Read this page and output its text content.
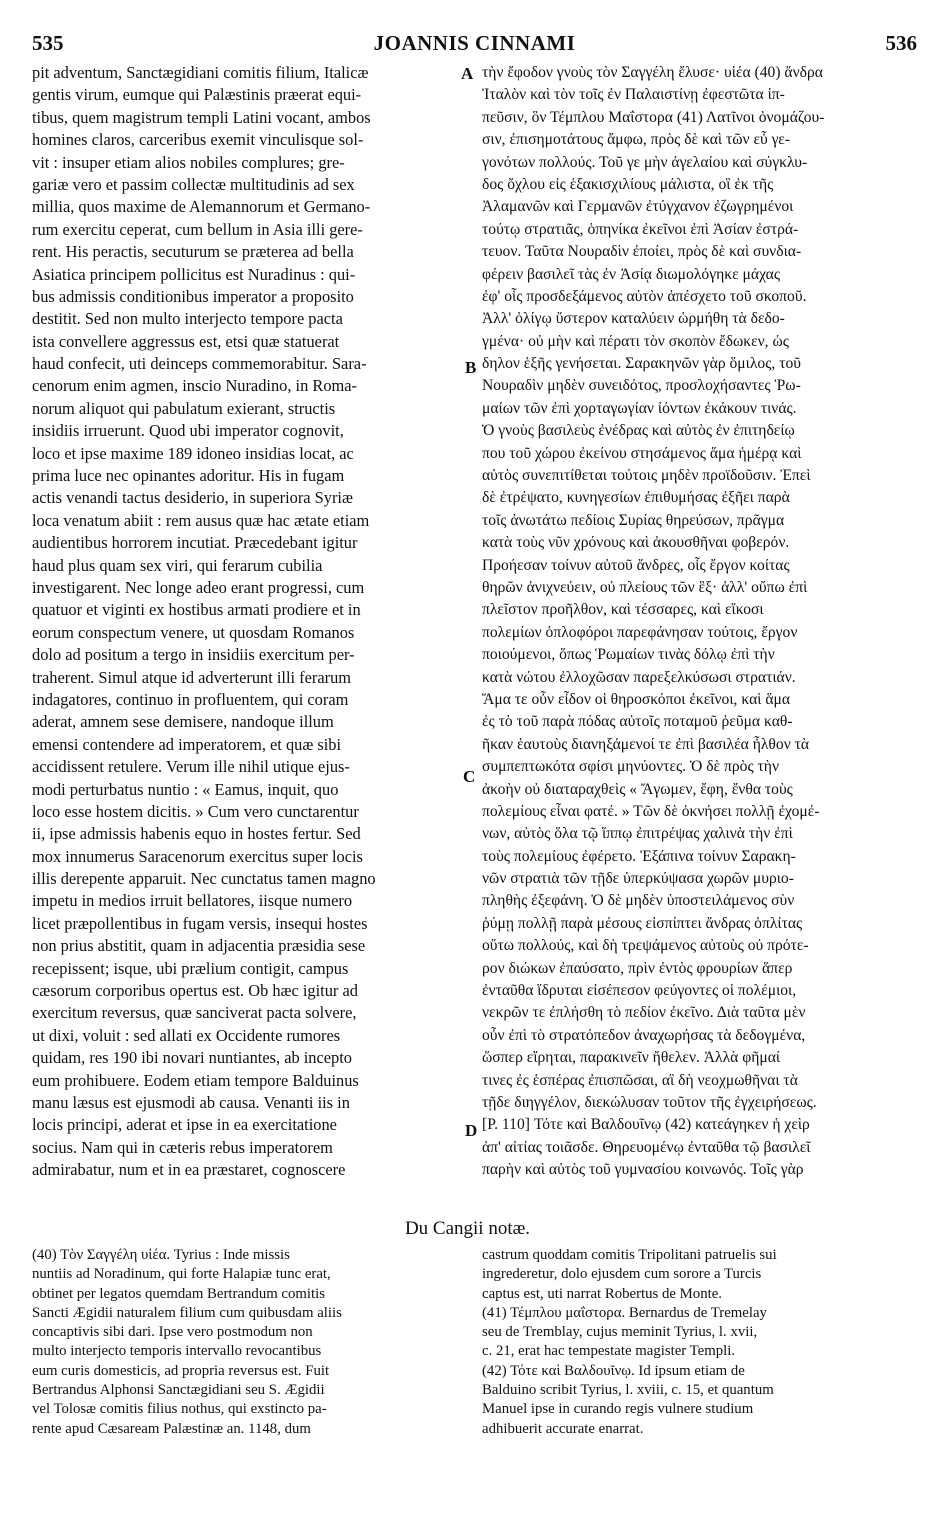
535	JOANNIS CINNAMI	536
pit adventum, Sanctægidiani comitis filium, Italicæ
gentis virum, eumque qui Palæstinis præerat equi-
tibus, quem magistrum templi Latini vocant, ambos
homines claros, carceribus exemit vinculisque sol-
vit : insuper etiam alios nobiles complures; gre-
gariæ vero et passim collectæ multitudinis ad sex
millia, quos maxime de Alemannorum et Germano-
rum exercitu ceperat, cum bellum in Asia illi gere-
rent. His peractis, secuturum se præterea ad bella
Asiatica principem pollicitus est Nuradinus : qui-
bus admissis conditionibus imperator a proposito
destitit. Sed non multo interjecto tempore pacta
ista convellere aggressus est, etsi quæ statuerat
haud confecit, uti deinceps commemorabitur. Sara-
cenorum enim agmen, inscio Nuradino, in Roma-
norum aliquot qui pabulatum exierant, structis
insidiis irruerunt. Quod ubi imperator cognovit,
loco et ipse maxime 189 idoneo insidias locat, ac
prima luce nec opinantes adoritur. His in fugam
actis venandi tactus desiderio, in superiora Syriæ
loca venatum abiit : rem ausus quæ hac ætate etiam
audientibus horrorem incutiat. Præcedebant igitur
haud plus quam sex viri, qui ferarum cubilia
investigarent. Nec longe adeo erant progressi, cum
quatuor et viginti ex hostibus armati prodiere et in
eorum conspectum venere, ut quosdam Romanos
dolo ad positum a tergo in insidiis exercitum per-
traherent. Simul atque id adverterunt illi ferarum
indagatores, continuo in profluentem, qui coram
aderat, amnem sese demisere, nandoque illum
emensi contendere ad imperatorem, et quæ sibi
accidissent retulere. Verum ille nihil utique ejus-
modi perturbatus nuntio : « Eamus, inquit, quo
loco esse hostem dicitis. » Cum vero cunctarentur
ii, ipse admissis habenis equo in hostes fertur. Sed
mox innumerus Saracenorum exercitus super locis
illis derepente apparuit. Nec cunctatus tamen magno
impetu in medios irruit bellatores, iisque numero
licet præpollentibus in fugam versis, insequi hostes
non prius abstitit, quam in adjacentia præsidia sese
recepissent; isque, ubi prælium contigit, campus
cæsorum corporibus opertus est. Ob hæc igitur ad
exercitum reversus, quæ sanciverat pacta solvere,
ut dixi, voluit : sed allati ex Occidente rumores
quidam, res 190 ibi novari nuntiantes, ab incepto
eum prohibuere. Eodem etiam tempore Balduinus
manu læsus est ejusmodi ab causa. Venanti iis in
locis principi, aderat et ipse in ea exercitatione
socius. Nam qui in cæteris rebus imperatorem
admirabatur, num et in ea præstaret, cognoscere
τὴν ἔφοδον γνοὺς τὸν Σαγγέλη ἔλυσε· υἱέα (40) ἄνδρα
Ἰταλὸν καὶ τὸν τοῖς ἐν Παλαιστίνῃ ἐφεστῶτα ἱπ-
πεῦσιν, ὃν Τέμπλου Μαΐστορα (41) Λατῖνοι ὀνομάζου-
σιν, ἐπισημοτάτους ἄμφω, πρὸς δὲ καὶ τῶν εὖ γε-
γονότων πολλούς. Τοῦ γε μὴν ἀγελαίου καὶ σύγκλυ-
δος ὄχλου εἰς ἑξακισχιλίους μάλιστα, οἳ ἐκ τῆς
Ἀλαμανῶν καὶ Γερμανῶν ἐτύγχανον ἐζωγρημένοι
τούτῳ στρατιᾶς, ὁπηνίκα ἐκεῖνοι ἐπὶ Ἀσίαν ἐστρά-
τευον. Ταῦτα Νουραδὶν ἐποίει, πρὸς δὲ καὶ συνδια-
φέρειν βασιλεῖ τὰς ἐν Ἀσίᾳ διωμολόγηκε μάχας
ἐφ' οἷς προσδεξάμενος αὐτὸν ἀπέσχετο τοῦ σκοποῦ.
Ἀλλ' ὀλίγῳ ὕστερον καταλύειν ὡρμήθη τὰ δεδο-
γμένα· οὐ μὴν καὶ πέρατι τὸν σκοπὸν ἔδωκεν, ὡς
δηλον ἑξῆς γενήσεται. Σαρακηνῶν γὰρ ὅμιλος, τοῦ
Νουραδὶν μηδὲν συνειδότος, προσλοχήσαντες Ῥω-
μαίων τῶν ἐπὶ χορταγωγίαν ἰόντων ἐκάκουν τινάς.
Ὁ γνοὺς βασιλεὺς ἐνέδρας καὶ αὐτὸς ἐν ἐπιτηδείῳ
που τοῦ χώρου ἐκείνου στησάμενος ἅμα ἡμέρᾳ καὶ
αὐτὸς συνεπιτίθεται τούτοις μηδὲν προϊδοῦσιν. Ἐπεὶ
δὲ ἐτρέψατο, κυνηγεσίων ἐπιθυμήσας ἐξῆει παρὰ
τοῖς ἀνωτάτω πεδίοις Συρίας θηρεύσων, πρᾶγμα
κατὰ τοὺς νῦν χρόνους καὶ ἀκουσθῆναι φοβερόν.
Προήεσαν τοίνυν αὐτοῦ ἄνδρες, οἷς ἔργον κοίτας
θηρῶν ἀνιχνεύειν, οὐ πλείους τῶν ἓξ· ἀλλ' οὔπω ἐπὶ
πλεῖστον προῆλθον, καὶ τέσσαρες, καὶ εἴκοσι
πολεμίων ὁπλοφόροι παρεφάνησαν τούτοις, ἔργον
ποιούμενοι, ὅπως Ῥωμαίων τινὰς δόλῳ ἐπὶ τὴν
κατὰ νώτου ἐλλοχῶσαν παρεξελκύσωσι στρατιάν.
Ἅμα τε οὖν εἶδον οἱ θηροσκόποι ἐκεῖνοι, καὶ ἅμα
ἐς τὸ τοῦ παρὰ πόδας αὐτοῖς ποταμοῦ ῥεῦμα καθ-
ῆκαν ἑαυτοὺς διανηξάμενοί τε ἐπὶ βασιλέα ἦλθον τὰ
συμπεπτωκότα σφίσι μηνύοντες. Ὁ δὲ πρὸς τὴν
ἀκοὴν οὐ διαταραχθεὶς « Ἄγωμεν, ἔφη, ἔνθα τοὺς
πολεμίους εἶναι φατέ. » Τῶν δὲ ὀκνήσει πολλῇ ἐχομέ-
νων, αὐτὸς ὅλα τῷ ἵππῳ ἐπιτρέψας χαλινὰ τὴν ἐπὶ
τοὺς πολεμίους ἐφέρετο. Ἐξάπινα τοίνυν Σαρακη-
νῶν στρατιὰ τῶν τῇδε ὑπερκύψασα χωρῶν μυριο-
πληθὴς ἐξεφάνη. Ὁ δὲ μηδὲν ὑποστειλάμενος σὺν
ῥύμῃ πολλῇ παρὰ μέσους εἰσπίπτει ἄνδρας ὁπλίτας
οὕτω πολλούς, καὶ δὴ τρεψάμενος αὐτοὺς οὐ πρότε-
ρον διώκων ἐπαύσατο, πρὶν ἐντὸς φρουρίων ἅπερ
ἐνταῦθα ἵδρυται εἰσέπεσον φεύγοντες οἱ πολέμιοι,
νεκρῶν τε ἐπλήσθη τὸ πεδίον ἐκεῖνο. Διὰ ταῦτα μὲν
οὖν ἐπὶ τὸ στρατόπεδον ἀναχωρήσας τὰ δεδογμένα,
ὥσπερ εἴρηται, παρακινεῖν ἤθελεν. Ἀλλὰ φῆμαί
τινες ἐς ἑσπέρας ἐπισπῶσαι, αἳ δὴ νεοχμωθῆναι τὰ
τῇδε διηγγέλον, διεκώλυσαν τοῦτον τῆς ἐγχειρήσεως.
[P. 110] Τότε καὶ Βαλδουῖνῳ (42) κατεάγηκεν ἡ χεὶρ
ἀπ' αἰτίας τοιᾶσδε. Θηρευομένῳ ἐνταῦθα τῷ βασιλεῖ
παρὴν καὶ αὐτὸς τοῦ γυμνασίου κοινωνός. Τοῖς γὰρ
A
B
C
D
Du Cangii notæ.
(40) Τὸν Σαγγέλη υἱέα. Tyrius : Inde missis
nuntiis ad Noradinum, qui forte Halapiæ tunc erat,
obtinet per legatos quemdam Bertrandum comitis
Sancti Ægidii naturalem filium cum quibusdam aliis
concaptivis sibi dari. Ipse vero postmodum non
multo interjecto temporis intervallo revocantibus
eum curis domesticis, ad propria reversus est. Fuit
Bertrandus Alphonsi Sanctægidiani seu S. Ægidii
vel Tolosæ comitis filius nothus, qui exstincto pa-
rente apud Cæsaream Palæstinæ an. 1148, dum
castrum quoddam comitis Tripolitani patruelis sui
ingrederetur, dolo ejusdem cum sorore a Turcis
captus est, uti narrat Robertus de Monte.
(41) Τέμπλου μαΐστορα. Bernardus de Tremelay
seu de Tremblay, cujus meminit Tyrius, l. xvii,
c. 21, erat hac tempestate magister Templi.
(42) Τότε καὶ Βαλδουῖνῳ. Id ipsum etiam de
Balduino scribit Tyrius, l. xviii, c. 15, et quantum
Manuel ipse in curando regis vulnere studium
adhibuerit accurate enarrat.
